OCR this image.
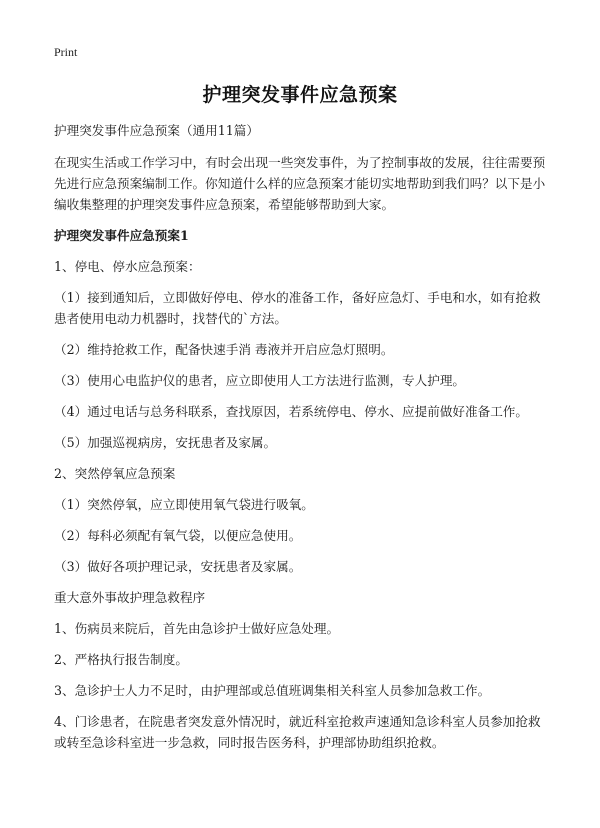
Print
护理突发事件应急预案

护理突发事件应急预案（通用11篇）

在现实生活或工作学习中，有时会出现一些突发事件，为了控制事故的发展，往往需要预先进行应急预案编制工作。你知道什么样的应急预案才能切实地帮助到我们吗？以下是小编收集整理的护理突发事件应急预案，希望能够帮助到大家。

护理突发事件应急预案1

1、停电、停水应急预案：

（1）接到通知后，立即做好停电、停水的准备工作，备好应急灯、手电和水，如有抢救患者使用电动力机器时，找替代的`方法。

（2）维持抢救工作，配备快速手消 毒液并开启应急灯照明。

（3）使用心电监护仪的患者，应立即使用人工方法进行监测，专人护理。

（4）通过电话与总务科联系，查找原因，若系统停电、停水、应提前做好准备工作。

（5）加强巡视病房，安抚患者及家属。

2、突然停氧应急预案

（1）突然停氧，应立即使用氧气袋进行吸氧。

（2）每科必须配有氧气袋，以便应急使用。

（3）做好各项护理记录，安抚患者及家属。

重大意外事故护理急救程序

1、伤病员来院后，首先由急诊护士做好应急处理。

2、严格执行报告制度。

3、急诊护士人力不足时，由护理部或总值班调集相关科室人员参加急救工作。

4、门诊患者，在院患者突发意外情况时，就近科室抢救声速通知急诊科室人员参加抢救或转至急诊科室进一步急救，同时报告医务科，护理部协助组织抢救。
